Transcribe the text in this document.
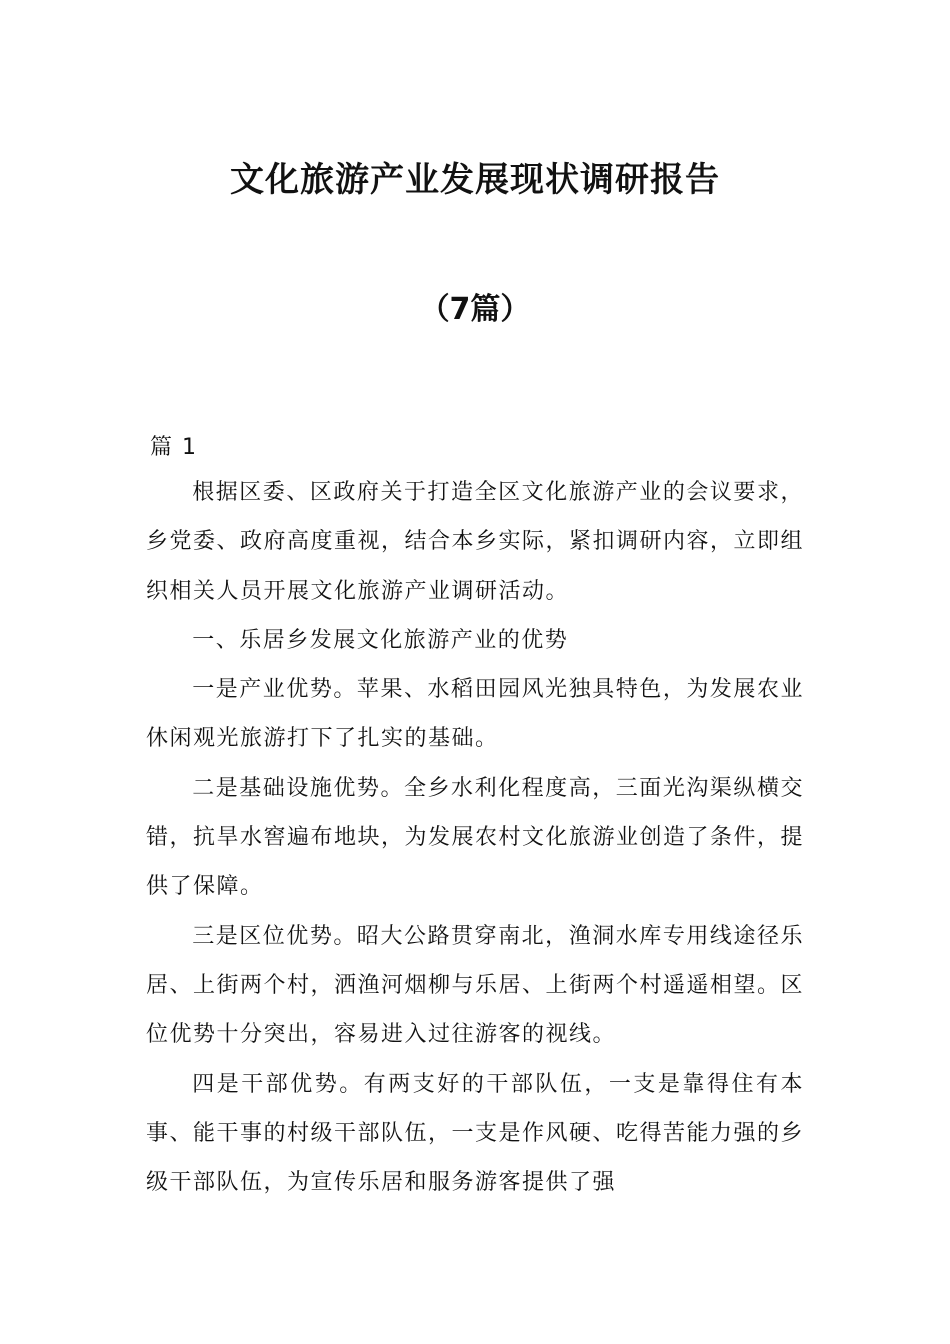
文化旅游产业发展现状调研报告
（7篇）

篇 1

根据区委、区政府关于打造全区文化旅游产业的会议要求，乡党委、政府高度重视，结合本乡实际，紧扣调研内容，立即组织相关人员开展文化旅游产业调研活动。

一、乐居乡发展文化旅游产业的优势

一是产业优势。苹果、水稻田园风光独具特色，为发展农业休闲观光旅游打下了扎实的基础。

二是基础设施优势。全乡水利化程度高，三面光沟渠纵横交错，抗旱水窖遍布地块，为发展农村文化旅游业创造了条件，提供了保障。

三是区位优势。昭大公路贯穿南北，渔洞水库专用线途径乐居、上街两个村，洒渔河烟柳与乐居、上街两个村遥遥相望。区位优势十分突出，容易进入过往游客的视线。

四是干部优势。有两支好的干部队伍，一支是靠得住有本事、能干事的村级干部队伍，一支是作风硬、吃得苦能力强的乡级干部队伍，为宣传乐居和服务游客提供了强
